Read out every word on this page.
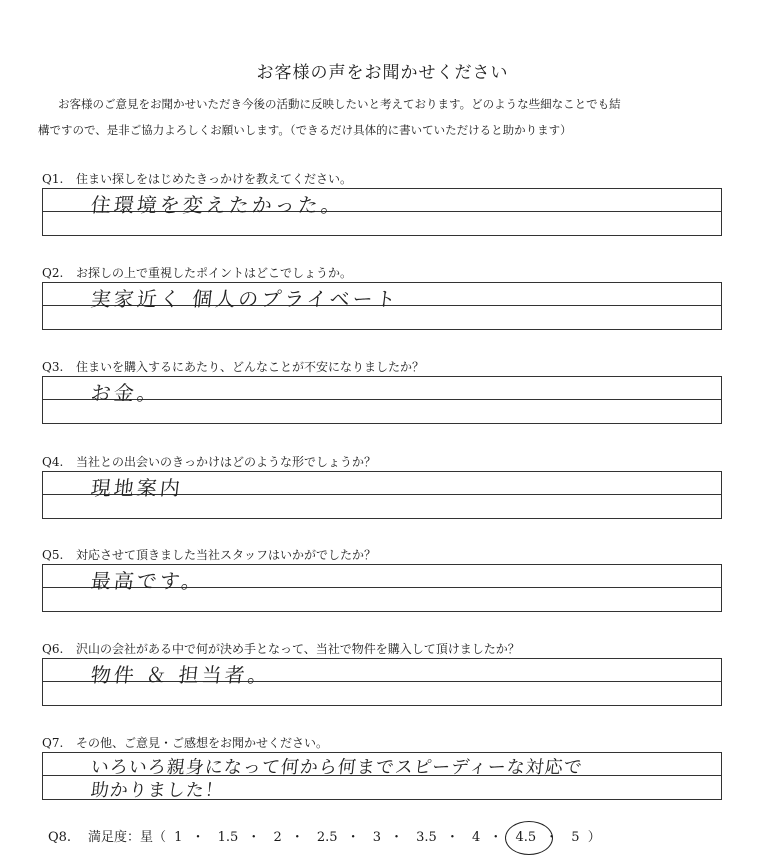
お客様の声をお聞かせください
お客様のご意見をお聞かせいただき今後の活動に反映したいと考えております。どのような些細なことでも結
構ですので、是非ご協力よろしくお願いします。（できるだけ具体的に書いていただけると助かります）
Q1. 住まい探しをはじめたきっかけを教えてください。
住環境を変えたかった。
Q2. お探しの上で重視したポイントはどこでしょうか。
実家近く 個人のプライベート
Q3. 住まいを購入するにあたり、どんなことが不安になりましたか？
お金。
Q4. 当社との出会いのきっかけはどのような形でしょうか？
現地案内
Q5. 対応させて頂きました当社スタッフはいかがでしたか？
最高です。
Q6. 沢山の会社がある中で何が決め手となって、当社で物件を購入して頂けましたか？
物件 ＆ 担当者。
Q7. その他、ご意見・ご感想をお聞かせください。
いろいろ親身になって何から何までスピーディーな対応で
助かりました！
Q8. 満足度：星（ 1 ・ 1.5 ・ 2 ・ 2.5 ・ 3 ・ 3.5 ・ 4 ・ 4.5 ・ 5 ）
